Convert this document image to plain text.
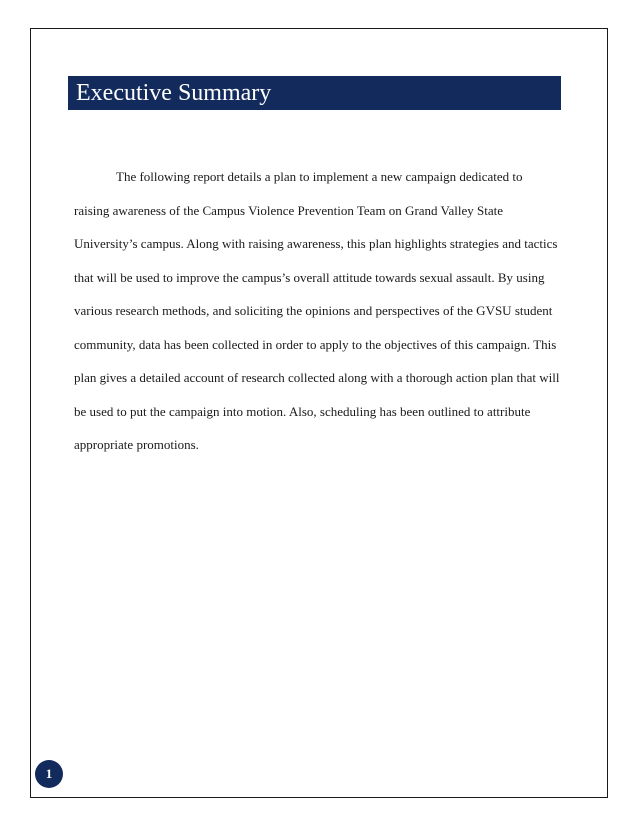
Executive Summary

The following report details a plan to implement a new campaign dedicated to raising awareness of the Campus Violence Prevention Team on Grand Valley State University’s campus. Along with raising awareness, this plan highlights strategies and tactics that will be used to improve the campus’s overall attitude towards sexual assault. By using various research methods, and soliciting the opinions and perspectives of the GVSU student community, data has been collected in order to apply to the objectives of this campaign. This plan gives a detailed account of research collected along with a thorough action plan that will be used to put the campaign into motion. Also, scheduling has been outlined to attribute appropriate promotions.

1
